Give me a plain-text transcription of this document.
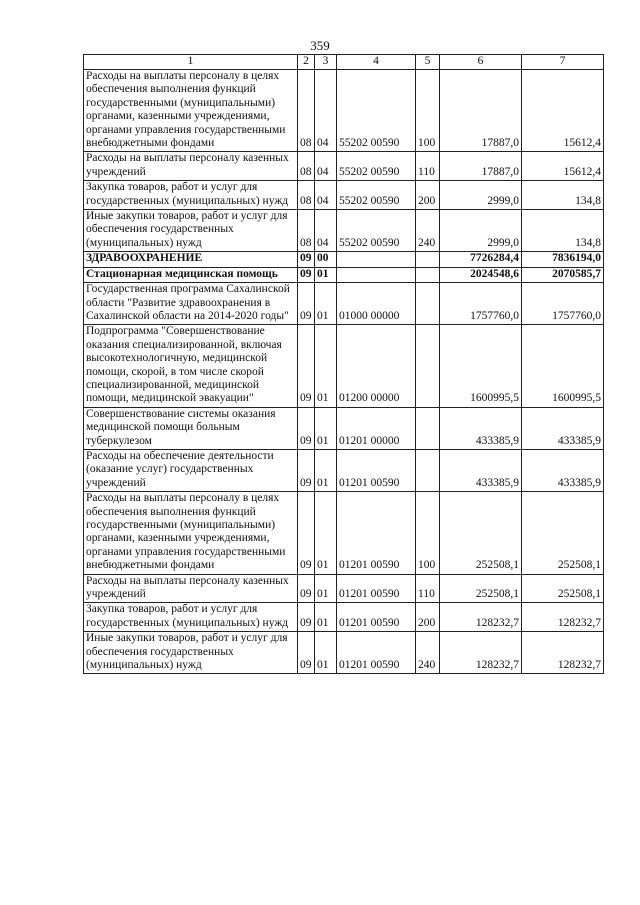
359
1	2	3	4	5	6	7
Расходы на выплаты персоналу в целях обеспечения выполнения функций государственными (муниципальными) органами, казенными учреждениями, органами управления государственными внебюджетными фондами	08	04	55202 00590	100	17887,0	15612,4
Расходы на выплаты персоналу казенных учреждений	08	04	55202 00590	110	17887,0	15612,4
Закупка товаров, работ и услуг для государственных (муниципальных) нужд	08	04	55202 00590	200	2999,0	134,8
Иные закупки товаров, работ и услуг для обеспечения государственных (муниципальных) нужд	08	04	55202 00590	240	2999,0	134,8
ЗДРАВООХРАНЕНИЕ	09	00			7726284,4	7836194,0
Стационарная медицинская помощь	09	01			2024548,6	2070585,7
Государственная программа Сахалинской области "Развитие здравоохранения в Сахалинской области на 2014-2020 годы"	09	01	01000 00000		1757760,0	1757760,0
Подпрограмма "Совершенствование оказания специализированной, включая высокотехнологичную, медицинской помощи, скорой, в том числе скорой специализированной, медицинской помощи, медицинской эвакуации"	09	01	01200 00000		1600995,5	1600995,5
Совершенствование системы оказания медицинской помощи больным туберкулезом	09	01	01201 00000		433385,9	433385,9
Расходы на обеспечение деятельности (оказание услуг) государственных учреждений	09	01	01201 00590		433385,9	433385,9
Расходы на выплаты персоналу в целях обеспечения выполнения функций государственными (муниципальными) органами, казенными учреждениями, органами управления государственными внебюджетными фондами	09	01	01201 00590	100	252508,1	252508,1
Расходы на выплаты персоналу казенных учреждений	09	01	01201 00590	110	252508,1	252508,1
Закупка товаров, работ и услуг для государственных (муниципальных) нужд	09	01	01201 00590	200	128232,7	128232,7
Иные закупки товаров, работ и услуг для обеспечения государственных (муниципальных) нужд	09	01	01201 00590	240	128232,7	128232,7
